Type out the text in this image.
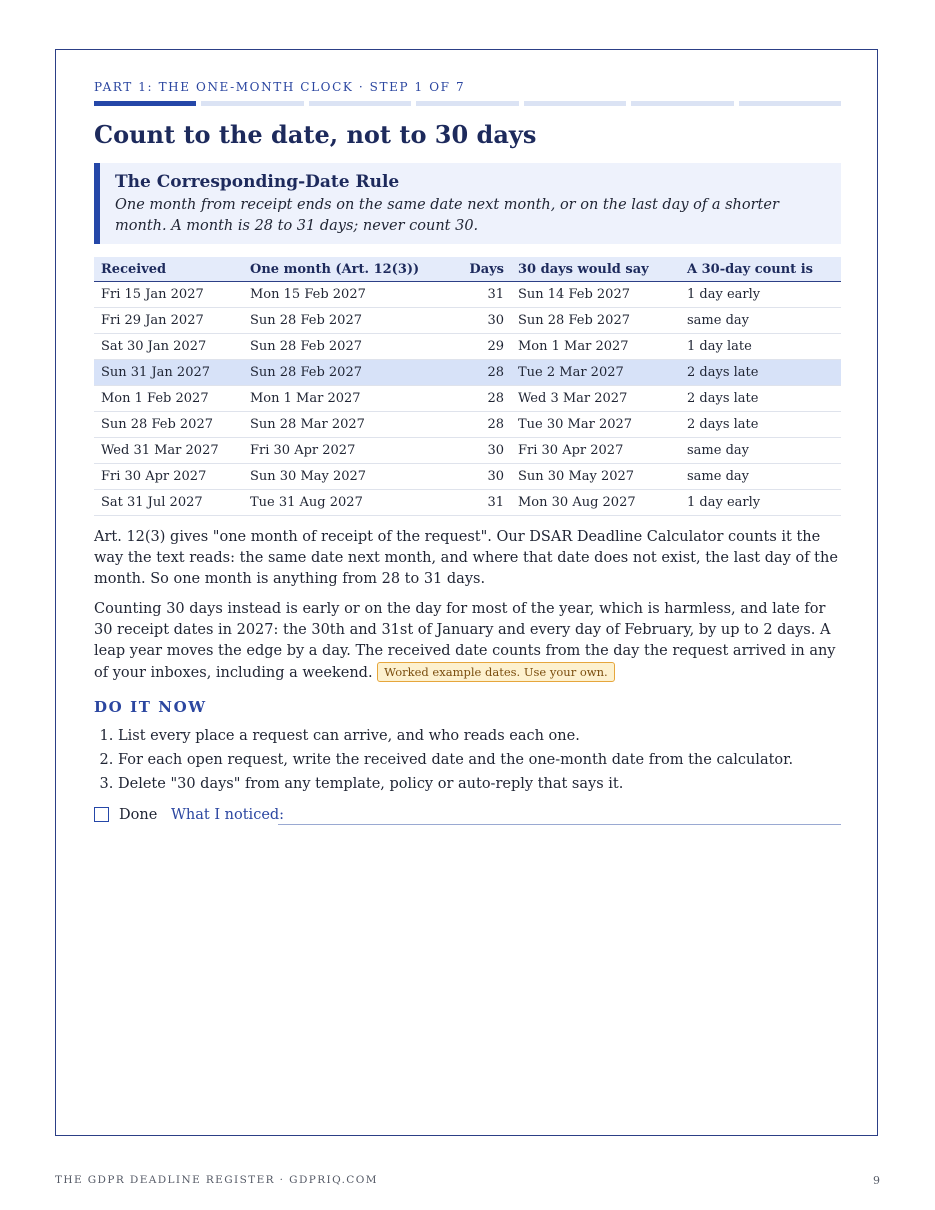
PART 1: THE ONE-MONTH CLOCK · STEP 1 OF 7
Count to the date, not to 30 days
The Corresponding-Date Rule

One month from receipt ends on the same date next month, or on the last day of a shorter month. A month is 28 to 31 days; never count 30.

Received	One month (Art. 12(3))	Days	30 days would say	A 30-day count is
Fri 15 Jan 2027	Mon 15 Feb 2027	31	Sun 14 Feb 2027	1 day early
Fri 29 Jan 2027	Sun 28 Feb 2027	30	Sun 28 Feb 2027	same day
Sat 30 Jan 2027	Sun 28 Feb 2027	29	Mon 1 Mar 2027	1 day late
Sun 31 Jan 2027	Sun 28 Feb 2027	28	Tue 2 Mar 2027	2 days late
Mon 1 Feb 2027	Mon 1 Mar 2027	28	Wed 3 Mar 2027	2 days late
Sun 28 Feb 2027	Sun 28 Mar 2027	28	Tue 30 Mar 2027	2 days late
Wed 31 Mar 2027	Fri 30 Apr 2027	30	Fri 30 Apr 2027	same day
Fri 30 Apr 2027	Sun 30 May 2027	30	Sun 30 May 2027	same day
Sat 31 Jul 2027	Tue 31 Aug 2027	31	Mon 30 Aug 2027	1 day early

Art. 12(3) gives "one month of receipt of the request". Our DSAR Deadline Calculator counts it the way the text reads: the same date next month, and where that date does not exist, the last day of the month. So one month is anything from 28 to 31 days.

Counting 30 days instead is early or on the day for most of the year, which is harmless, and late for 30 receipt dates in 2027: the 30th and 31st of January and every day of February, by up to 2 days. A leap year moves the edge by a day. The received date counts from the day the request arrived in any of your inboxes, including a weekend. Worked example dates. Use your own.

DO IT NOW
1. List every place a request can arrive, and who reads each one.
2. For each open request, write the received date and the one-month date from the calculator.
3. Delete "30 days" from any template, policy or auto-reply that says it.
Done What I noticed:
THE GDPR DEADLINE REGISTER · GDPRIQ.COM	9
